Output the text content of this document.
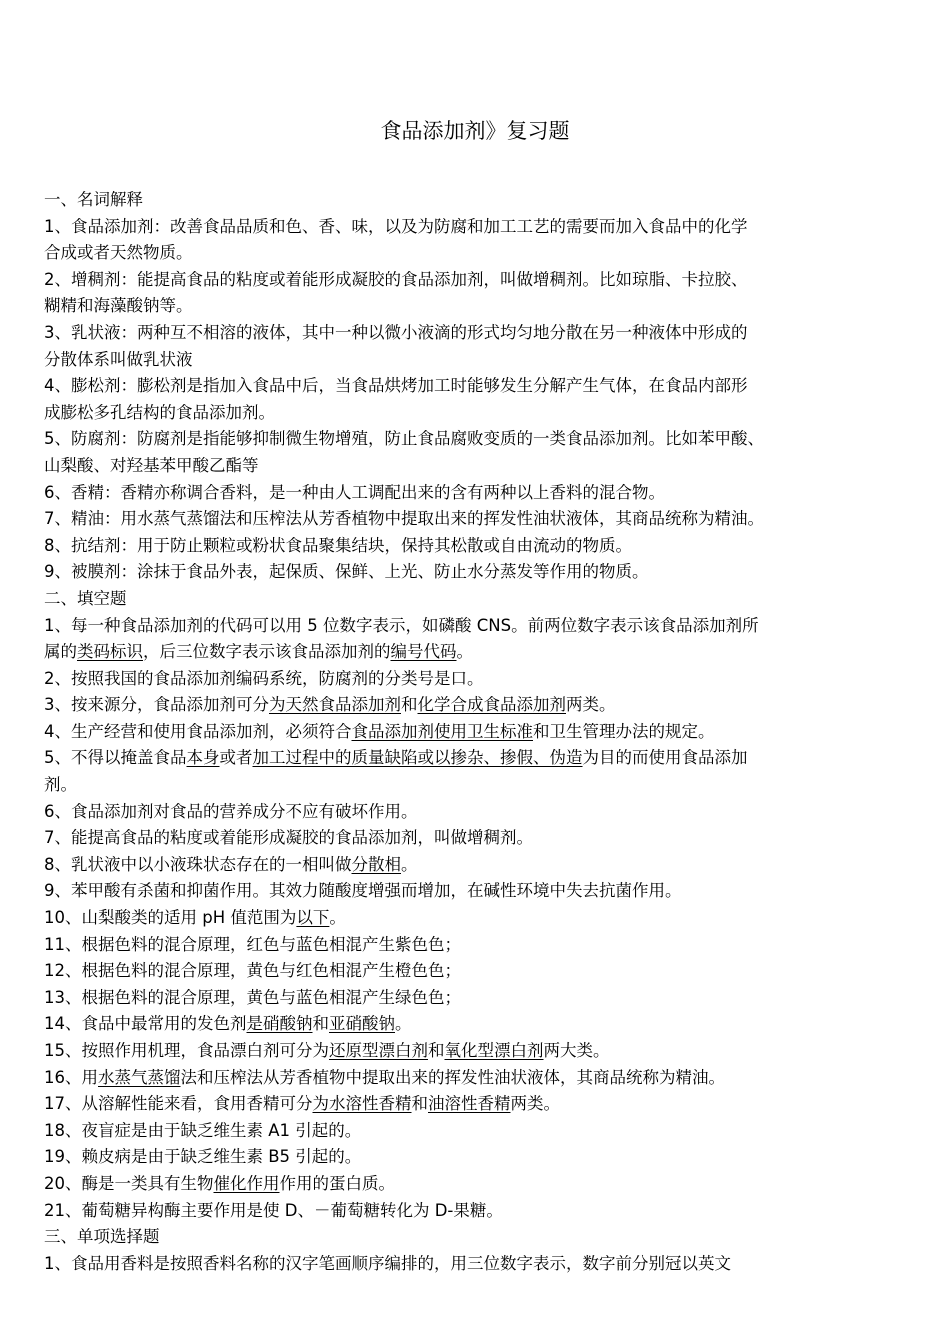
食品添加剂》复习题
一、名词解释
1、食品添加剂：改善食品品质和色、香、味，以及为防腐和加工工艺的需要而加入食品中的化学
合成或者天然物质。
2、增稠剂：能提高食品的粘度或着能形成凝胶的食品添加剂，叫做增稠剂。比如琼脂、卡拉胶、
糊精和海藻酸钠等。
3、乳状液：两种互不相溶的液体，其中一种以微小液滴的形式均匀地分散在另一种液体中形成的
分散体系叫做乳状液
4、膨松剂：膨松剂是指加入食品中后，当食品烘烤加工时能够发生分解产生气体，在食品内部形
成膨松多孔结构的食品添加剂。
5、防腐剂：防腐剂是指能够抑制微生物增殖，防止食品腐败变质的一类食品添加剂。比如苯甲酸、
山梨酸、对羟基苯甲酸乙酯等
6、香精：香精亦称调合香料，是一种由人工调配出来的含有两种以上香料的混合物。
7、精油：用水蒸气蒸馏法和压榨法从芳香植物中提取出来的挥发性油状液体，其商品统称为精油。
8、抗结剂：用于防止颗粒或粉状食品聚集结块，保持其松散或自由流动的物质。
9、被膜剂：涂抹于食品外表，起保质、保鲜、上光、防止水分蒸发等作用的物质。
二、填空题
1、每一种食品添加剂的代码可以用 5 位数字表示，如磷酸 CNS。前两位数字表示该食品添加剂所
属的类码标识，后三位数字表示该食品添加剂的编号代码。
2、按照我国的食品添加剂编码系统，防腐剂的分类号是口。
3、按来源分，食品添加剂可分为天然食品添加剂和化学合成食品添加剂两类。
4、生产经营和使用食品添加剂，必须符合食品添加剂使用卫生标准和卫生管理办法的规定。
5、不得以掩盖食品本身或者加工过程中的质量缺陷或以掺杂、掺假、伪造为目的而使用食品添加
剂。
6、食品添加剂对食品的营养成分不应有破坏作用。
7、能提高食品的粘度或着能形成凝胶的食品添加剂，叫做增稠剂。
8、乳状液中以小液珠状态存在的一相叫做分散相。
9、苯甲酸有杀菌和抑菌作用。其效力随酸度增强而增加，在碱性环境中失去抗菌作用。
10、山梨酸类的适用 pH 值范围为以下。
11、根据色料的混合原理，红色与蓝色相混产生紫色色；
12、根据色料的混合原理，黄色与红色相混产生橙色色；
13、根据色料的混合原理，黄色与蓝色相混产生绿色色；
14、食品中最常用的发色剂是硝酸钠和亚硝酸钠。
15、按照作用机理，食品漂白剂可分为还原型漂白剂和氧化型漂白剂两大类。
16、用水蒸气蒸馏法和压榨法从芳香植物中提取出来的挥发性油状液体，其商品统称为精油。
17、从溶解性能来看，食用香精可分为水溶性香精和油溶性香精两类。
18、夜盲症是由于缺乏维生素 A1 引起的。
19、赖皮病是由于缺乏维生素 B5 引起的。
20、酶是一类具有生物催化作用作用的蛋白质。
21、葡萄糖异构酶主要作用是使 D、－葡萄糖转化为 D-果糖。
三、单项选择题
1、食品用香料是按照香料名称的汉字笔画顺序编排的，用三位数字表示，数字前分别冠以英文
